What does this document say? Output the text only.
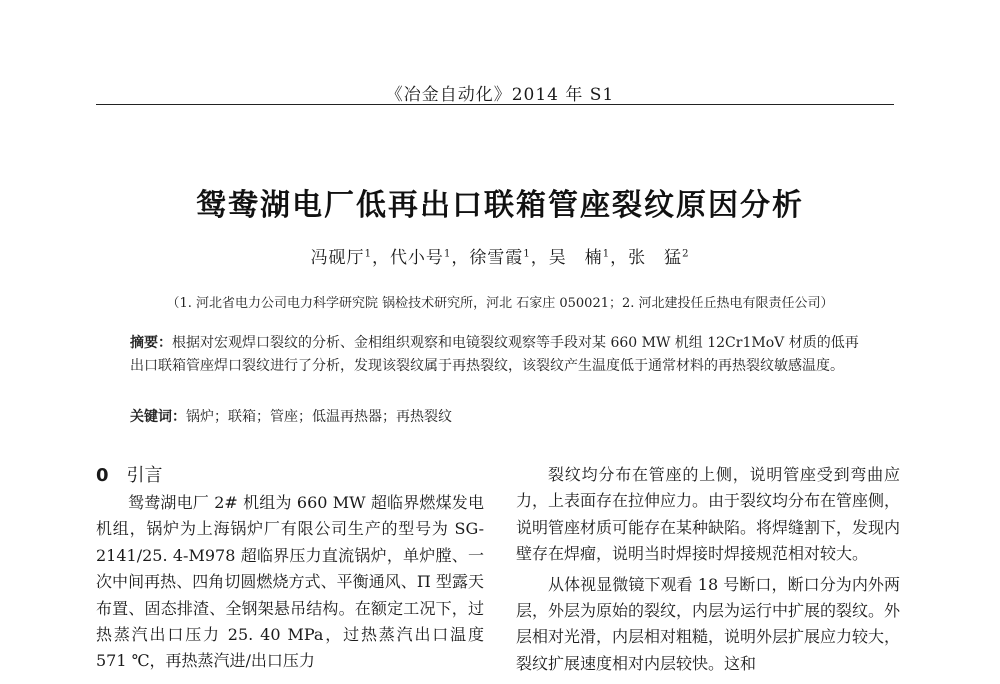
《冶金自动化》2014 年 S1
鸳鸯湖电厂低再出口联箱管座裂纹原因分析
冯砚厅$^1$，代小号$^1$，徐雪霞$^1$，吴　楠$^1$，张　猛$^2$
（1. 河北省电力公司电力科学研究院 锅检技术研究所，河北 石家庄 050021；2. 河北建投任丘热电有限责任公司）
摘要：根据对宏观焊口裂纹的分析、金相组织观察和电镜裂纹观察等手段对某 660 MW 机组 12Cr1MoV 材质的低再出口联箱管座焊口裂纹进行了分析，发现该裂纹属于再热裂纹，该裂纹产生温度低于通常材料的再热裂纹敏感温度。
关键词：锅炉；联箱；管座；低温再热器；再热裂纹
0 引言

鸳鸯湖电厂 2# 机组为 660 MW 超临界燃煤发电机组，锅炉为上海锅炉厂有限公司生产的型号为 SG-2141/25. 4-M978 超临界压力直流锅炉，单炉膛、一次中间再热、四角切圆燃烧方式、平衡通风、Π 型露天布置、固态排渣、全钢架悬吊结构。在额定工况下，过热蒸汽出口压力 25. 40 MPa，过热蒸汽出口温度 571 ℃，再热蒸汽进/出口压力

裂纹均分布在管座的上侧，说明管座受到弯曲应力，上表面存在拉伸应力。由于裂纹均分布在管座侧，说明管座材质可能存在某种缺陷。将焊缝割下，发现内壁存在焊瘤，说明当时焊接时焊接规范相对较大。

从体视显微镜下观看 18 号断口，断口分为内外两层，外层为原始的裂纹，内层为运行中扩展的裂纹。外层相对光滑，内层相对粗糙，说明外层扩展应力较大，裂纹扩展速度相对内层较快。这和
